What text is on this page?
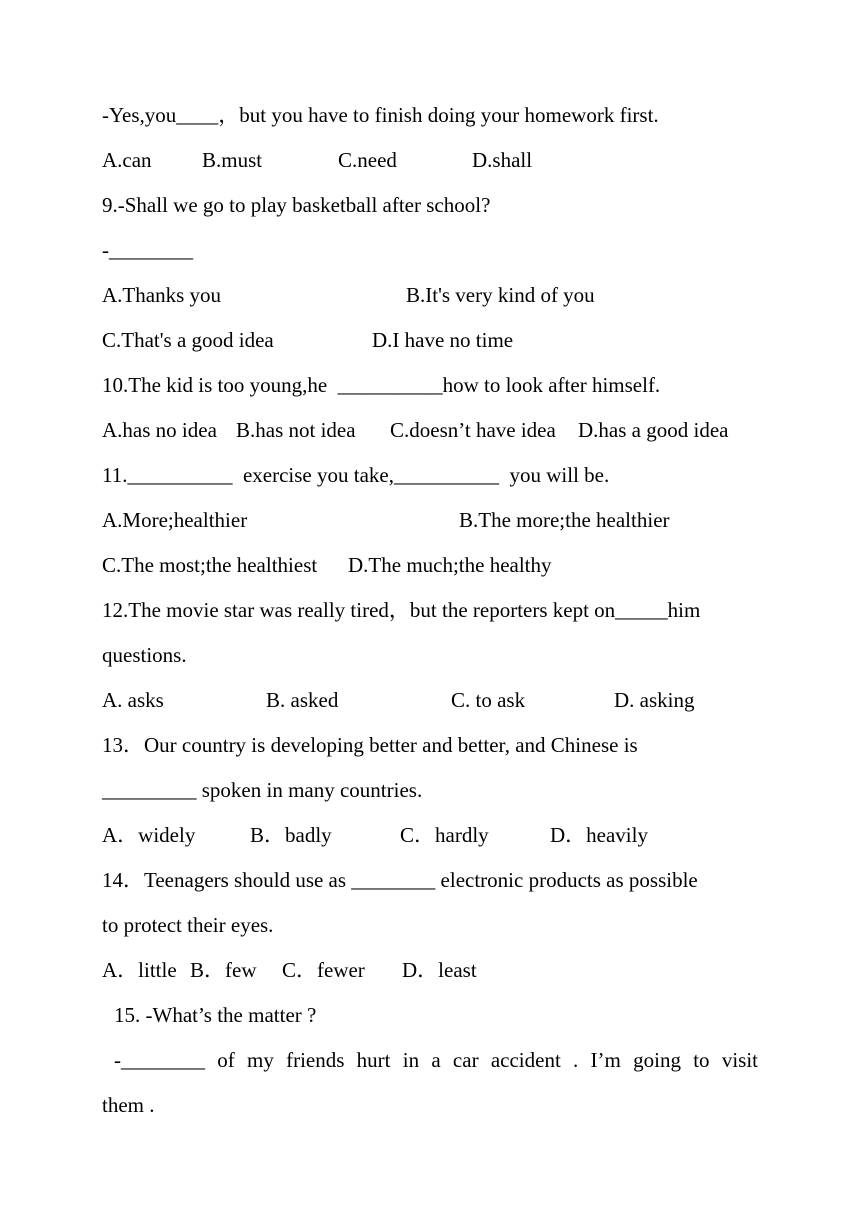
-Yes,you____，but you have to finish doing your homework first.

A.can

B.must

	C.need

	D.shall

9.-Shall we go to play basketball after school?
-________

A.Thanks you

	B.It's very kind of you

C.That's a good idea

	D.I have no time

10.The kid is too young,he  __________how to look after himself.

A.has no idea

B.has not idea

C.doesn’t have idea

D.has a good idea

11.__________  exercise you take,__________  you will be.

A.More;healthier

	B.The more;the healthier

C.The most;the healthiest

D.The much;the healthy

12.The movie star was really tired，but the reporters kept on_____him
questions.

A. asks

	B. asked

	C. to ask

	D. asking

13．Our country is developing better and better, and Chinese is
_________ spoken in many countries.

A．widely

	B．badly

	C．hardly

	D．heavily

14．Teenagers should use as ________ electronic products as possible
to protect their eyes.

A．little

B．few

C．fewer

D．least

15. -What’s the matter ?
-________ of my friends hurt in a car accident . I’m going to visit
them .
